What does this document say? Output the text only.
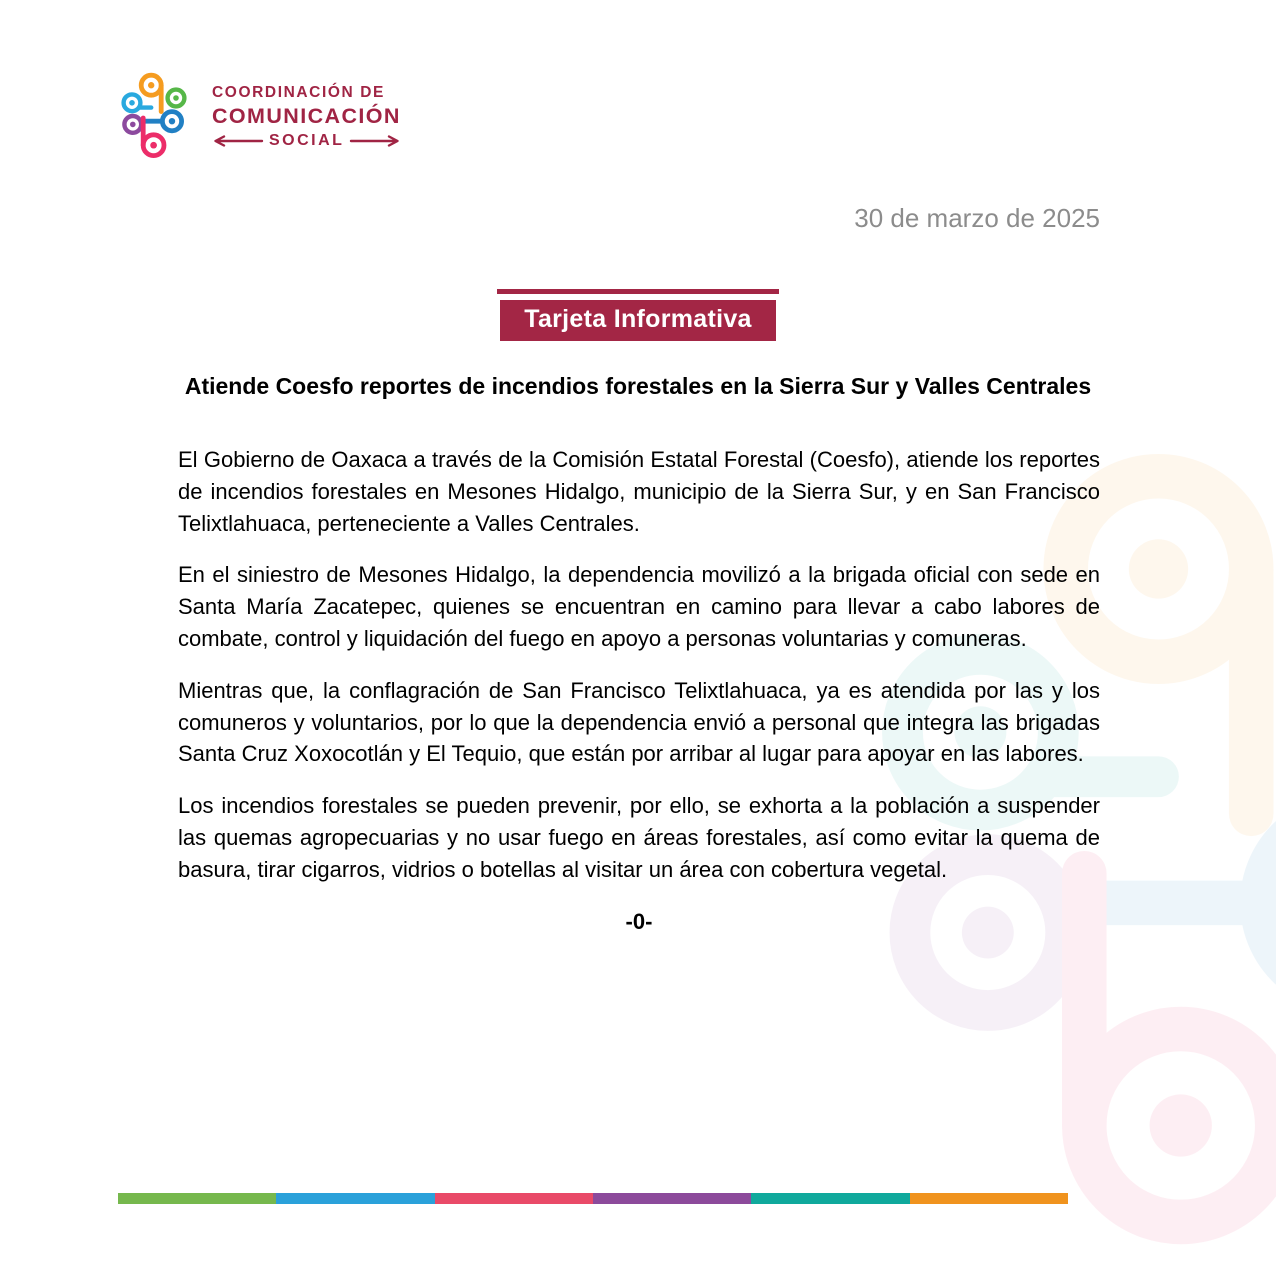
COORDINACIÓN DE
COMUNICACIÓN
SOCIAL
30 de marzo de 2025
Tarjeta Informativa
Atiende Coesfo reportes de incendios forestales en la Sierra Sur y Valles Centrales

El Gobierno de Oaxaca a través de la Comisión Estatal Forestal (Coesfo), atiende los reportes de incendios forestales en Mesones Hidalgo, municipio de la Sierra Sur, y en San Francisco Telixtlahuaca, perteneciente a Valles Centrales.

En el siniestro de Mesones Hidalgo, la dependencia movilizó a la brigada oficial con sede en Santa María Zacatepec, quienes se encuentran en camino para llevar a cabo labores de combate, control y liquidación del fuego en apoyo a personas voluntarias y comuneras.

Mientras que, la conflagración de San Francisco Telixtlahuaca, ya es atendida por las y los comuneros y voluntarios, por lo que la dependencia envió a personal que integra las brigadas Santa Cruz Xoxocotlán y El Tequio, que están por arribar al lugar para apoyar en las labores.

Los incendios forestales se pueden prevenir, por ello, se exhorta a la población a suspender las quemas agropecuarias y no usar fuego en áreas forestales, así como evitar la quema de basura, tirar cigarros, vidrios o botellas al visitar un área con cobertura vegetal.

-0-
